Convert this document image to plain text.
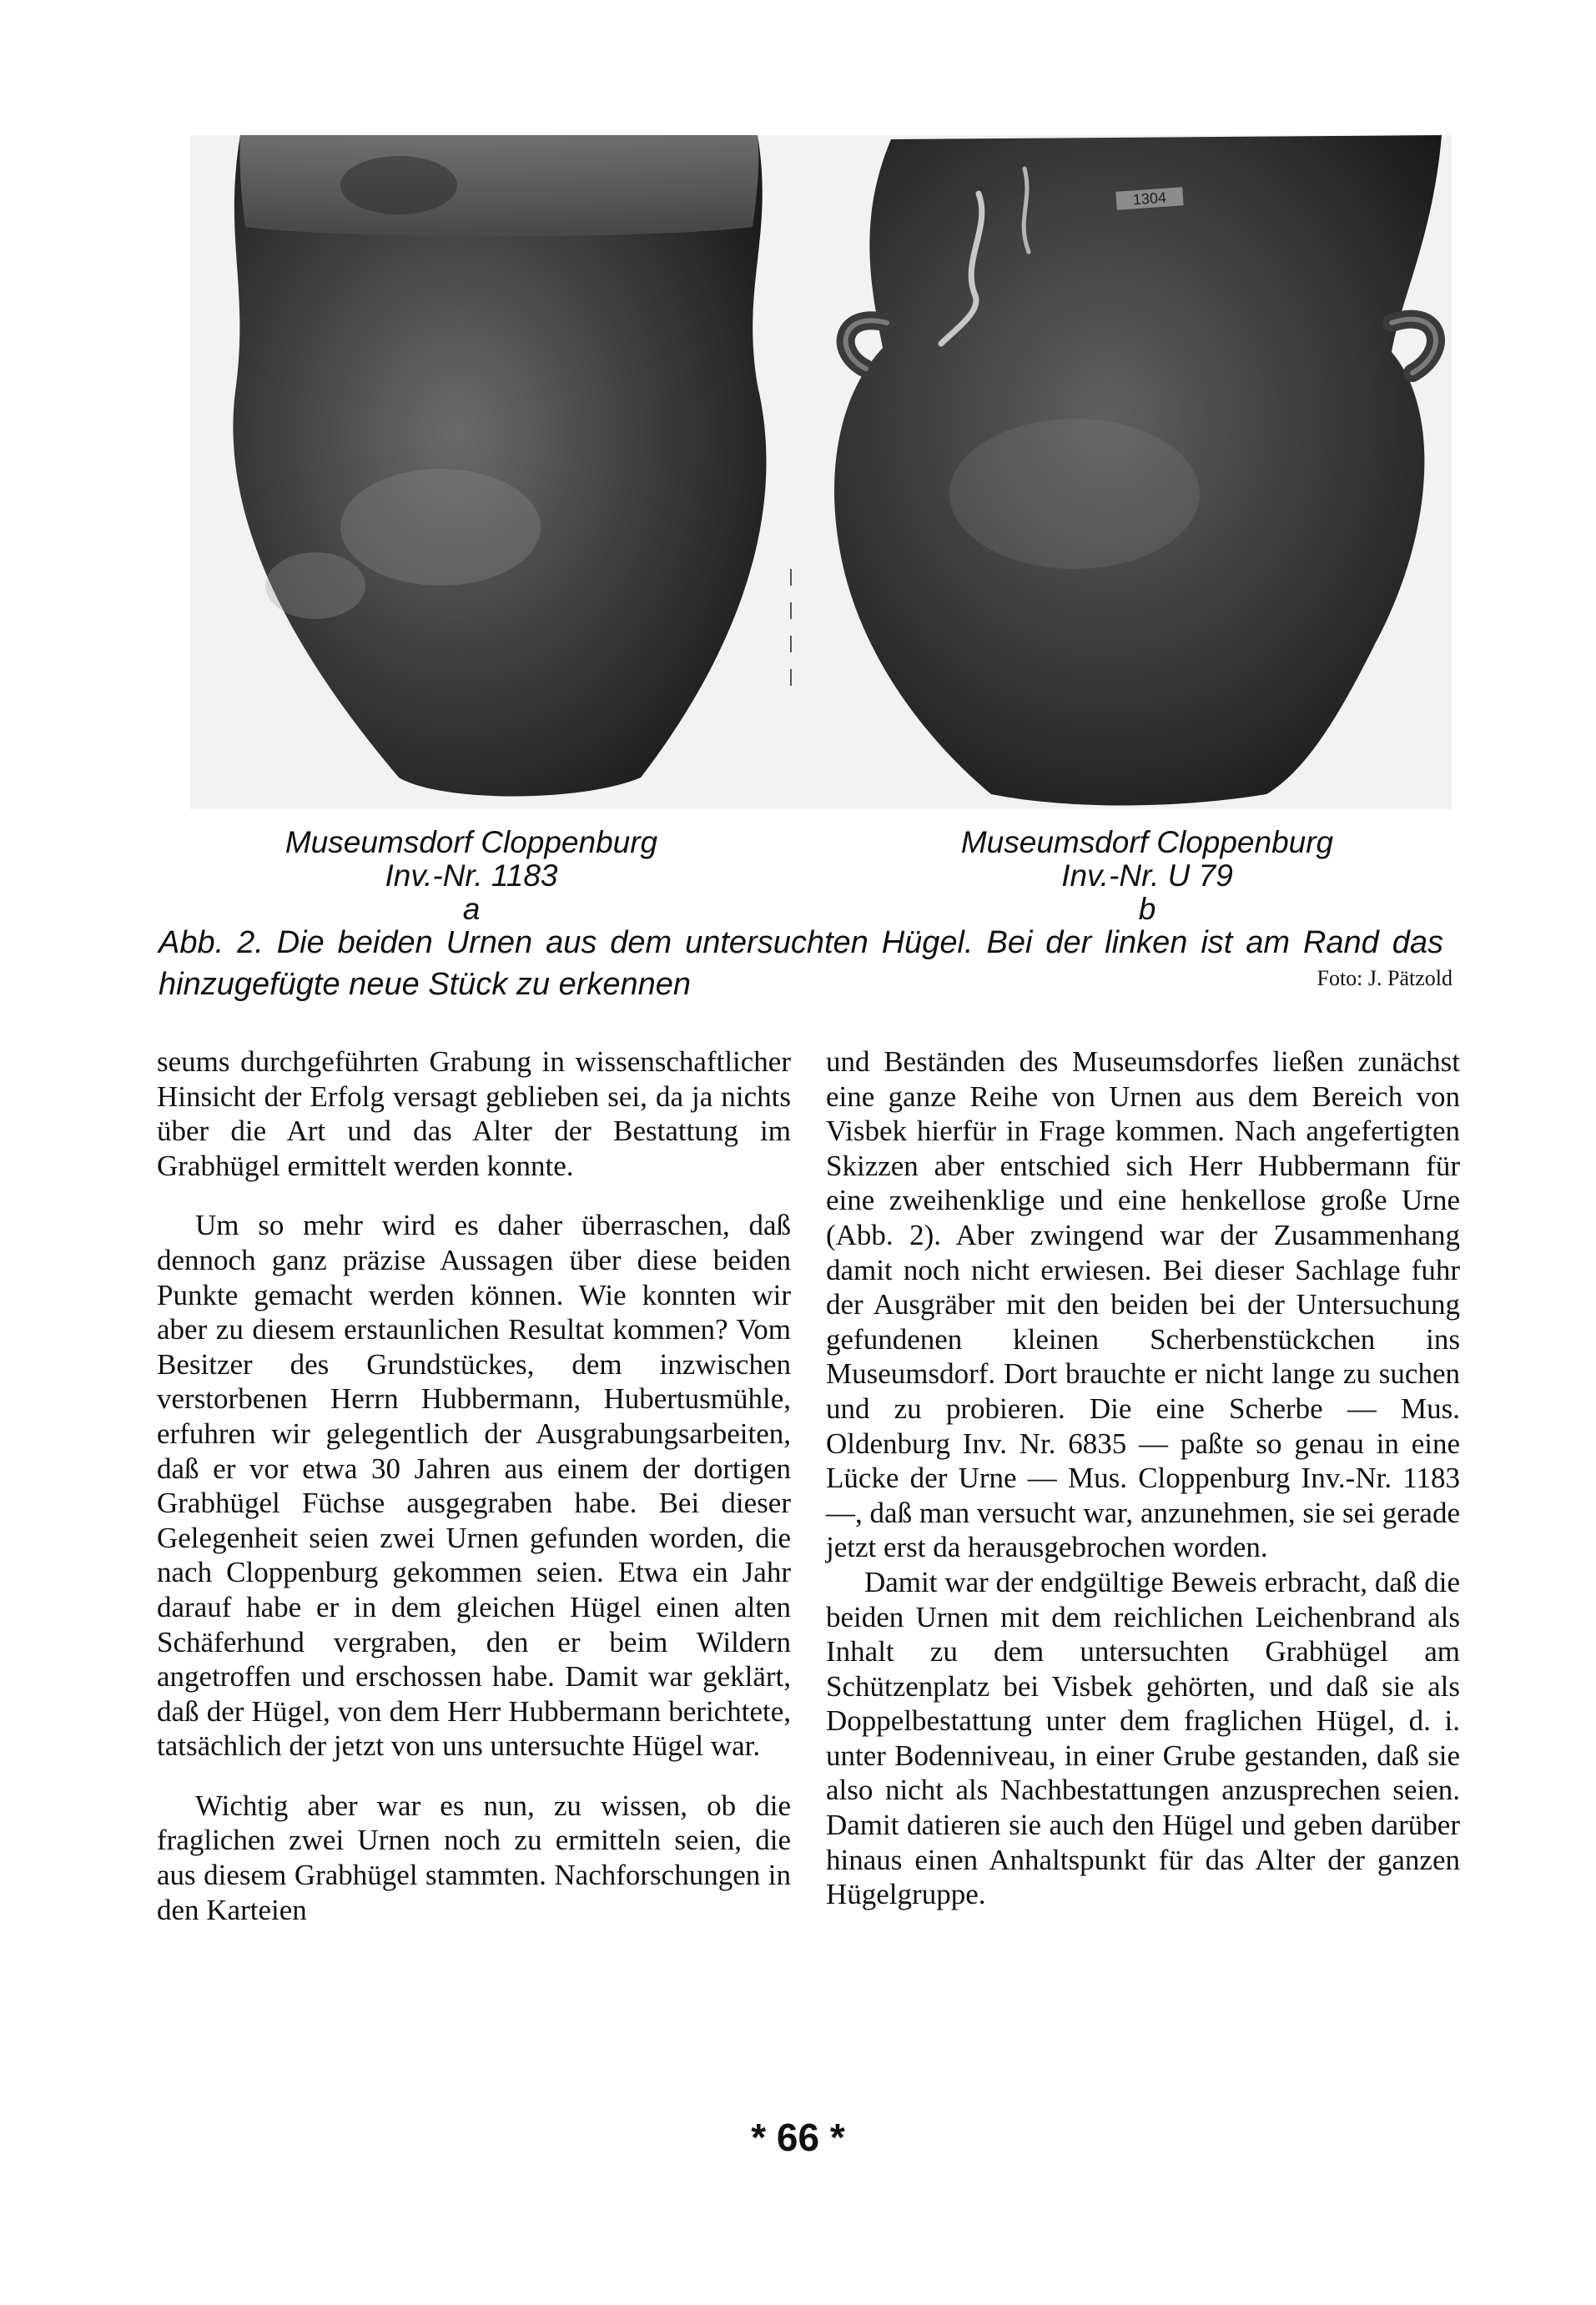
1304
Museumsdorf Cloppenburg
Inv.-Nr. 1183
a
Museumsdorf Cloppenburg
Inv.-Nr. U 79
b
Abb. 2. Die beiden Urnen aus dem untersuchten Hügel. Bei der linken ist am Rand das hinzugefügte neue Stück zu erkennen	Foto: J. Pätzold

seums durchgeführten Grabung in wissenschaftlicher Hinsicht der Erfolg versagt geblieben sei, da ja nichts über die Art und das Alter der Bestattung im Grabhügel ermittelt werden konnte.

Um so mehr wird es daher überraschen, daß dennoch ganz präzise Aussagen über diese beiden Punkte gemacht werden können. Wie konnten wir aber zu diesem erstaunlichen Resultat kommen? Vom Besitzer des Grundstückes, dem inzwischen verstorbenen Herrn Hubbermann, Hubertusmühle, erfuhren wir gelegentlich der Ausgrabungsarbeiten, daß er vor etwa 30 Jahren aus einem der dortigen Grabhügel Füchse ausgegraben habe. Bei dieser Gelegenheit seien zwei Urnen gefunden worden, die nach Cloppenburg gekommen seien. Etwa ein Jahr darauf habe er in dem gleichen Hügel einen alten Schäferhund vergraben, den er beim Wildern angetroffen und erschossen habe. Damit war geklärt, daß der Hügel, von dem Herr Hubbermann berichtete, tatsächlich der jetzt von uns untersuchte Hügel war.

Wichtig aber war es nun, zu wissen, ob die fraglichen zwei Urnen noch zu ermitteln seien, die aus diesem Grabhügel stammten. Nachforschungen in den Karteien

und Beständen des Museumsdorfes ließen zunächst eine ganze Reihe von Urnen aus dem Bereich von Visbek hierfür in Frage kommen. Nach angefertigten Skizzen aber entschied sich Herr Hubbermann für eine zweihenklige und eine henkellose große Urne (Abb. 2). Aber zwingend war der Zusammenhang damit noch nicht erwiesen. Bei dieser Sachlage fuhr der Ausgräber mit den beiden bei der Untersuchung gefundenen kleinen Scherbenstückchen ins Museumsdorf. Dort brauchte er nicht lange zu suchen und zu probieren. Die eine Scherbe — Mus. Oldenburg Inv. Nr. 6835 — paßte so genau in eine Lücke der Urne — Mus. Cloppenburg Inv.-Nr. 1183 —, daß man versucht war, anzunehmen, sie sei gerade jetzt erst da herausgebrochen worden.

Damit war der endgültige Beweis erbracht, daß die beiden Urnen mit dem reichlichen Leichenbrand als Inhalt zu dem untersuchten Grabhügel am Schützenplatz bei Visbek gehörten, und daß sie als Doppelbestattung unter dem fraglichen Hügel, d. i. unter Bodenniveau, in einer Grube gestanden, daß sie also nicht als Nachbestattungen anzusprechen seien. Damit datieren sie auch den Hügel und geben darüber hinaus einen Anhaltspunkt für das Alter der ganzen Hügelgruppe.

* 66 *
